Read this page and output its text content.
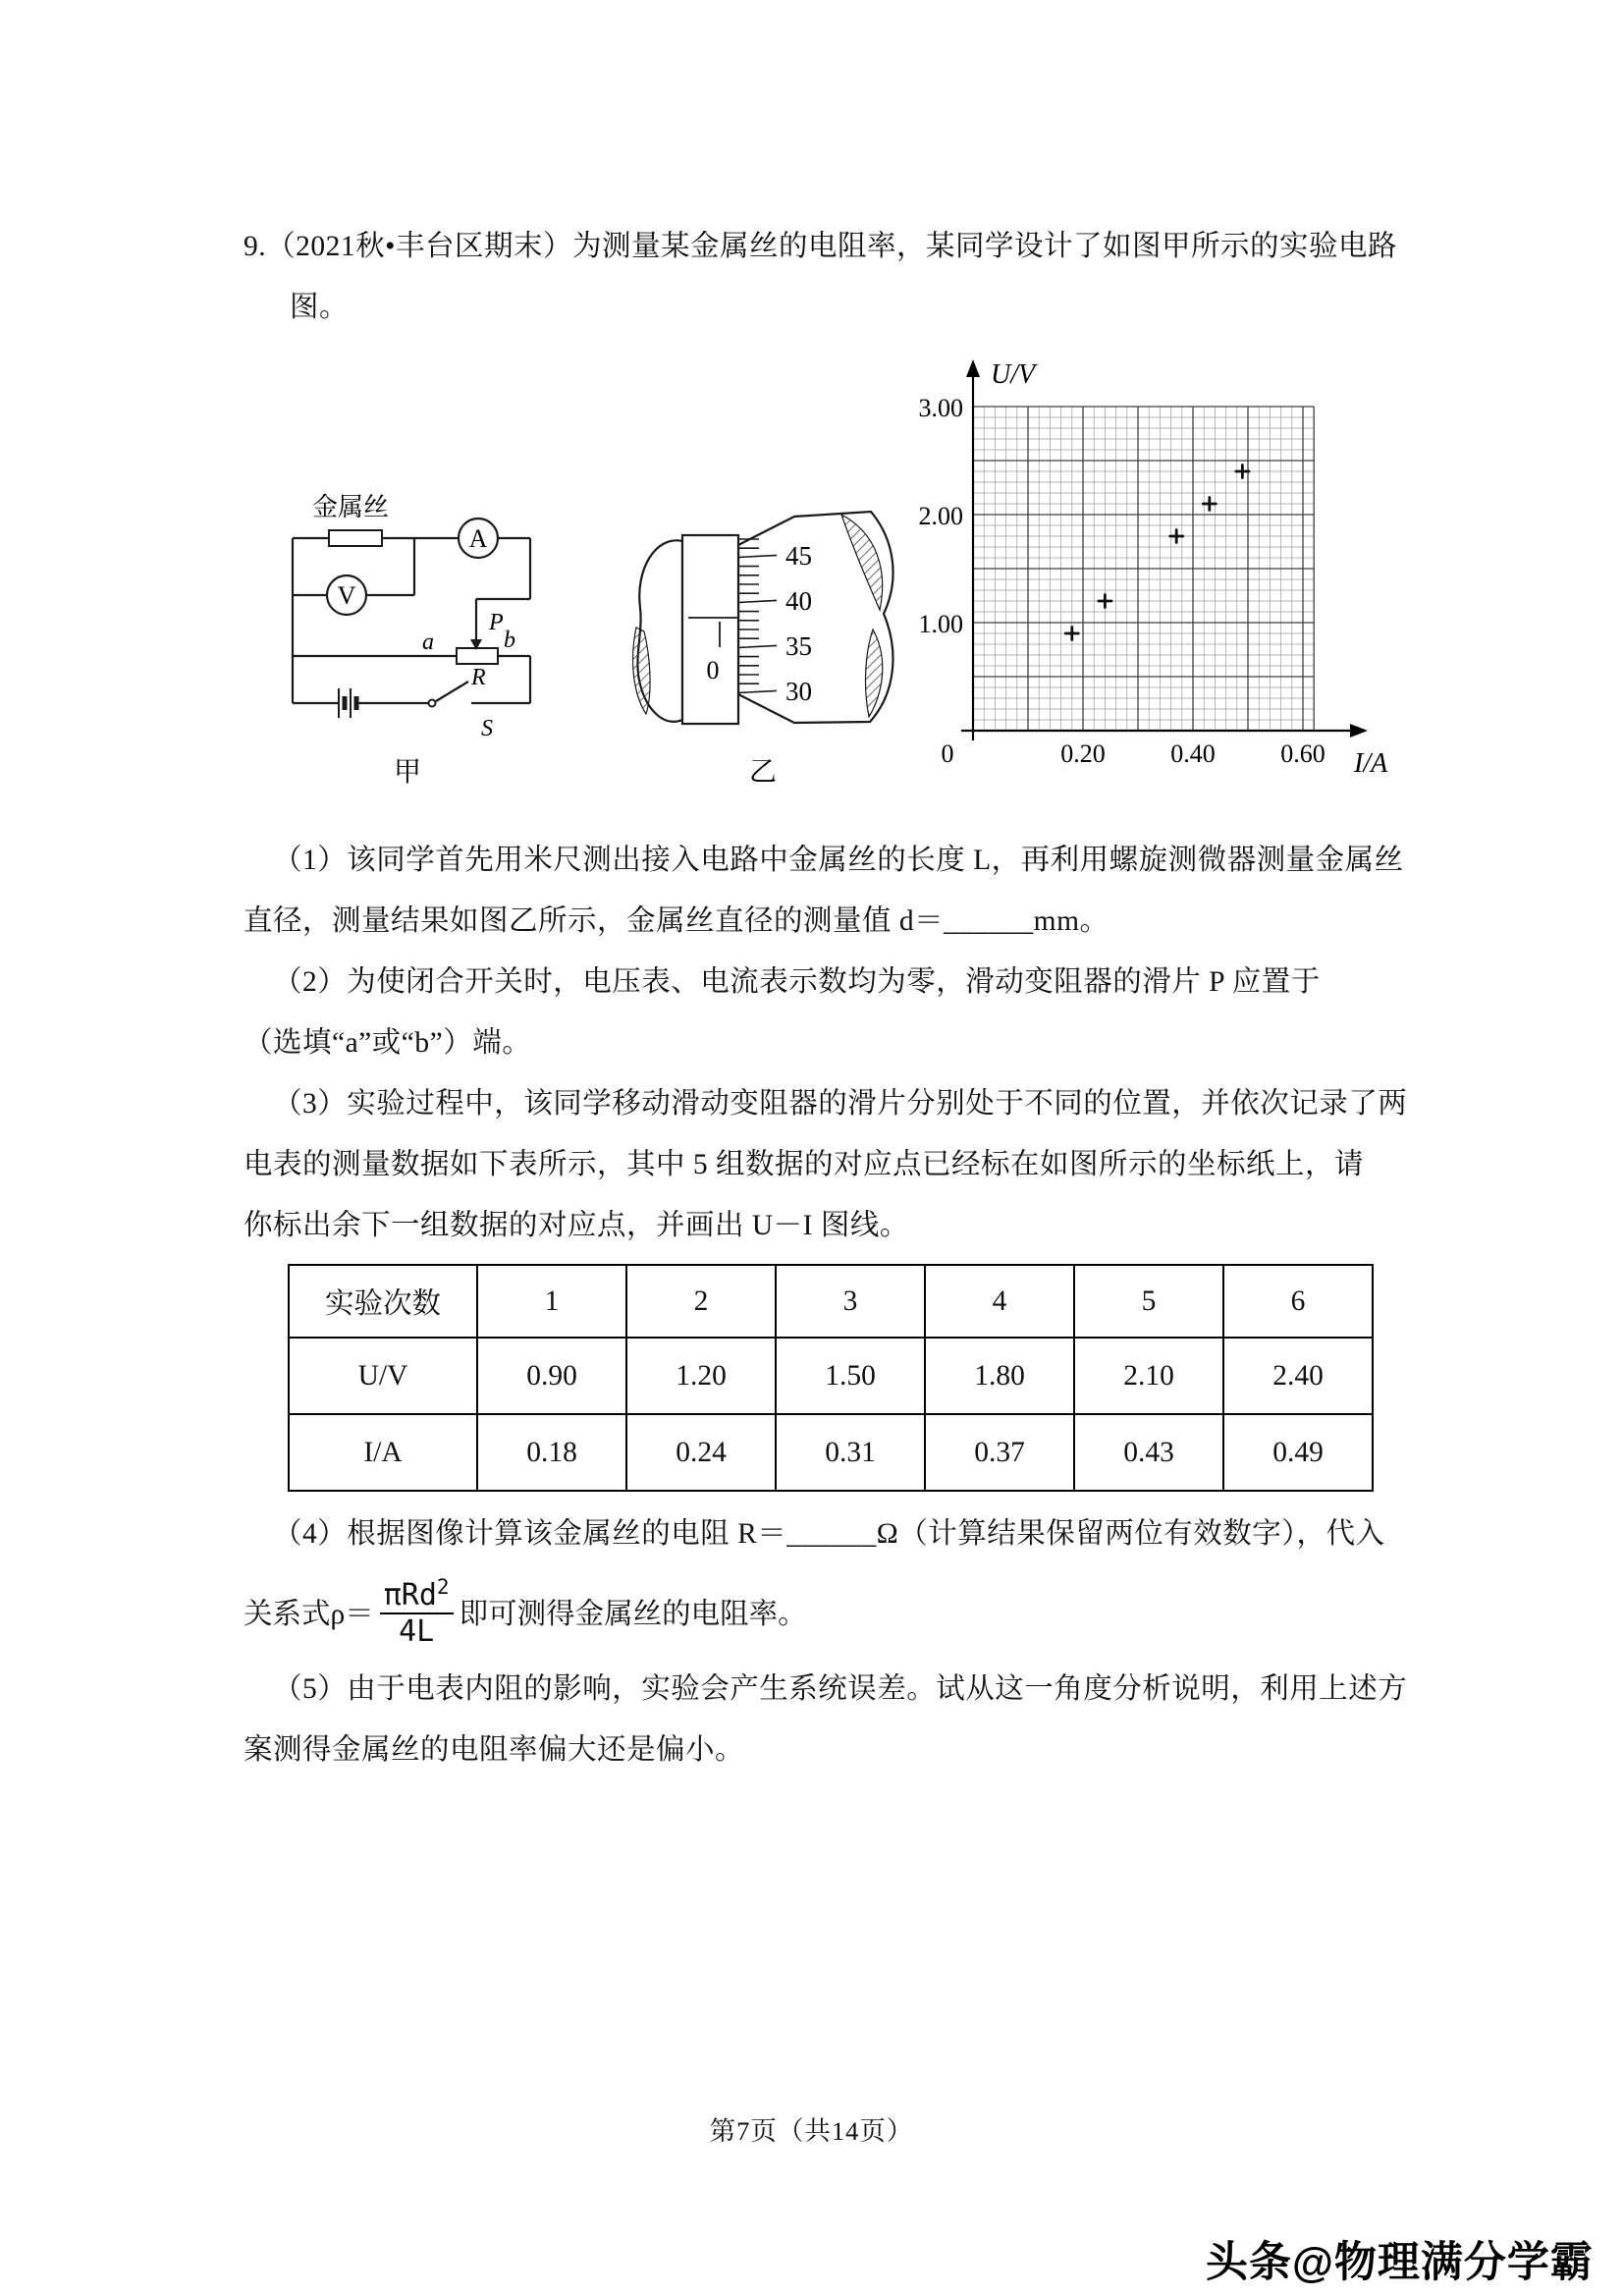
9.（2021秋•丰台区期末）为测量某金属丝的电阻率，某同学设计了如图甲所示的实验电路
图。
A
V
P
a	b
R
S
金属丝
甲
0
45
40
35
30
乙
U/V
I/A
3.00
2.00
1.00
0	0.20	0.40	0.60
（1）该同学首先用米尺测出接入电路中金属丝的长度 L，再利用螺旋测微器测量金属丝
直径，测量结果如图乙所示，金属丝直径的测量值 d＝______mm。
（2）为使闭合开关时，电压表、电流表示数均为零，滑动变阻器的滑片 P 应置于
（选填“a”或“b”）端。
（3）实验过程中，该同学移动滑动变阻器的滑片分别处于不同的位置，并依次记录了两
电表的测量数据如下表所示，其中 5 组数据的对应点已经标在如图所示的坐标纸上，请
你标出余下一组数据的对应点，并画出 U－I 图线。
实验次数	1	2	3	4	5	6
U/V	0.90	1.20	1.50	1.80	2.10	2.40
I/A	0.18	0.24	0.31	0.37	0.43	0.49
（4）根据图像计算该金属丝的电阻 R＝______Ω（计算结果保留两位有效数字），代入
关系式$\rho= \frac{\pi Rd^2}{4L}$ 即可测得金属丝的电阻率。
（5）由于电表内阻的影响，实验会产生系统误差。试从这一角度分析说明，利用上述方
案测得金属丝的电阻率偏大还是偏小。
第7页（共14页）
头条@物理满分学霸
